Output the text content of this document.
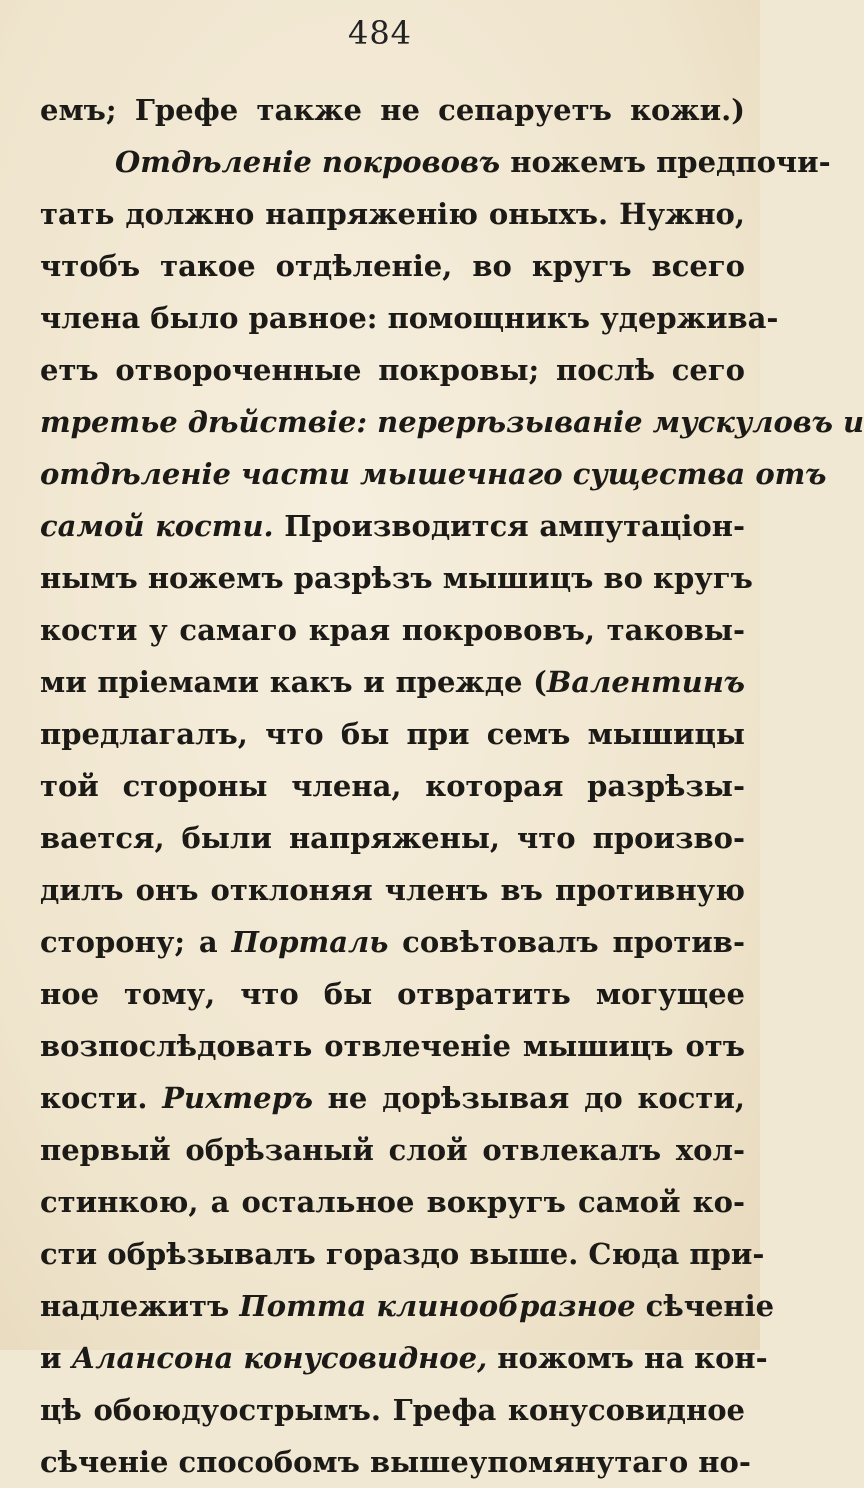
484
емъ; Грефе также не сепаруетъ кожи.)
Отдѣленіе покрововъ ножемъ предпочи-
тать должно напряженію оныхъ. Нужно,
чтобъ такое отдѣленіе, во кругъ всего
члена было равное: помощникъ удержива-
етъ отвороченные покровы; послѣ сего
третье дѣйствіе: перерѣзываніе мускуловъ и
отдѣленіе части мышечнаго существа отъ
самой кости. Производится ампутаціон-
нымъ ножемъ разрѣзъ мышицъ во кругъ
кости у самаго края покрововъ, таковы-
ми пріемами какъ и прежде (Валентинъ
предлагалъ, что бы при семъ мышицы
той стороны члена, которая разрѣзы-
вается, были напряжены, что произво-
дилъ онъ отклоняя членъ въ противную
сторону; а Порталь совѣтовалъ против-
ное тому, что бы отвратить могущее
возпослѣдовать отвлеченіе мышицъ отъ
кости. Рихтеръ не дорѣзывая до кости,
первый обрѣзаный слой отвлекалъ хол-
стинкою, а остальное вокругъ самой ко-
сти обрѣзывалъ гораздо выше. Сюда при-
надлежитъ Потта клинообразное сѣченіе
и Алансона конусовидное, ножомъ на кон-
цѣ обоюдуострымъ. Грефа конусовидное
сѣченіе способомъ вышеупомянутаго но-
